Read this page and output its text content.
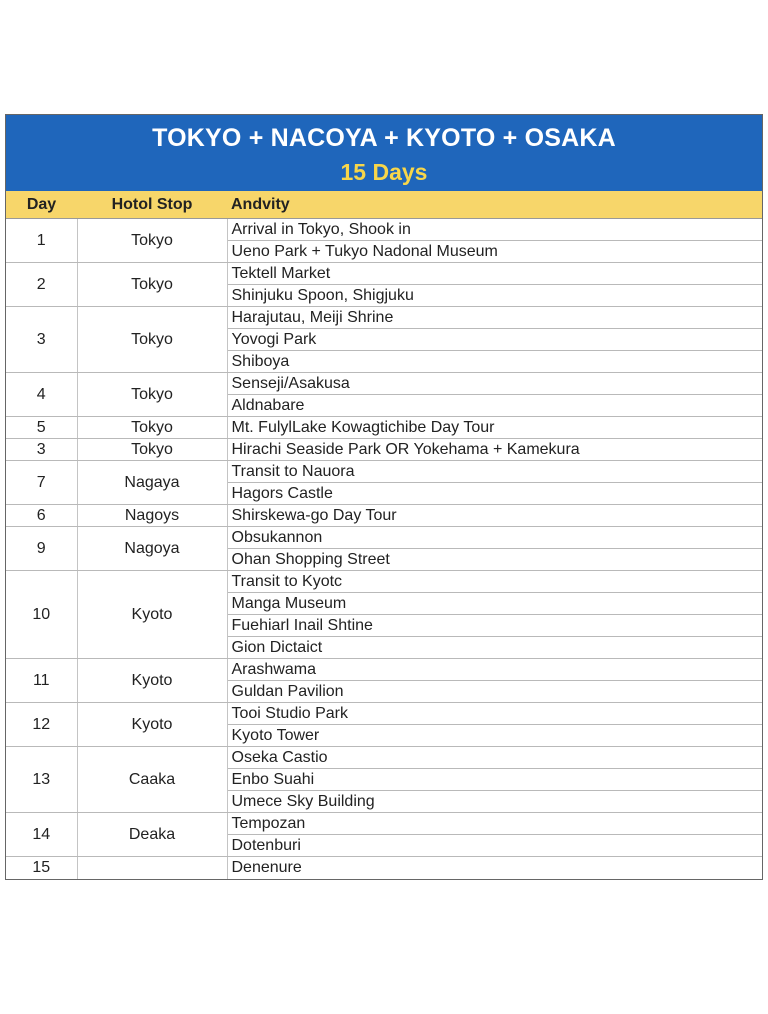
TOKYO + NACOYA + KYOTO + OSAKA
15 Days
Day	Hotol Stop	Andvity
1	Tokyo	Arrival in Tokyo, Shook in
		Ueno Park + Tukyo Nadonal Museum
2	Tokyo	Tektell Market
		Shinjuku Spoon, Shigjuku
3	Tokyo	Harajutau, Meiji Shrine
		Yovogi Park
		Shiboya
4	Tokyo	Senseji/Asakusa
		Aldnabare
5	Tokyo	Mt. FulylLake Kowagtichibe Day Tour
3	Tokyo	Hirachi Seaside Park OR Yokehama + Kamekura
7	Nagaya	Transit to Nauora
		Hagors Castle
6	Nagoys	Shirskewa-go Day Tour
9	Nagoya	Obsukannon
		Ohan Shopping Street
10	Kyoto	Transit to Kyotc
		Manga Museum
		Fuehiarl Inail Shtine
		Gion Dictaict
11	Kyoto	Arashwama
		Guldan Pavilion
12	Kyoto	Tooi Studio Park
		Kyoto Tower
13	Caaka	Oseka Castio
		Enbo Suahi
		Umece Sky Building
14	Deaka	Tempozan
		Dotenburi
15		Denenure
